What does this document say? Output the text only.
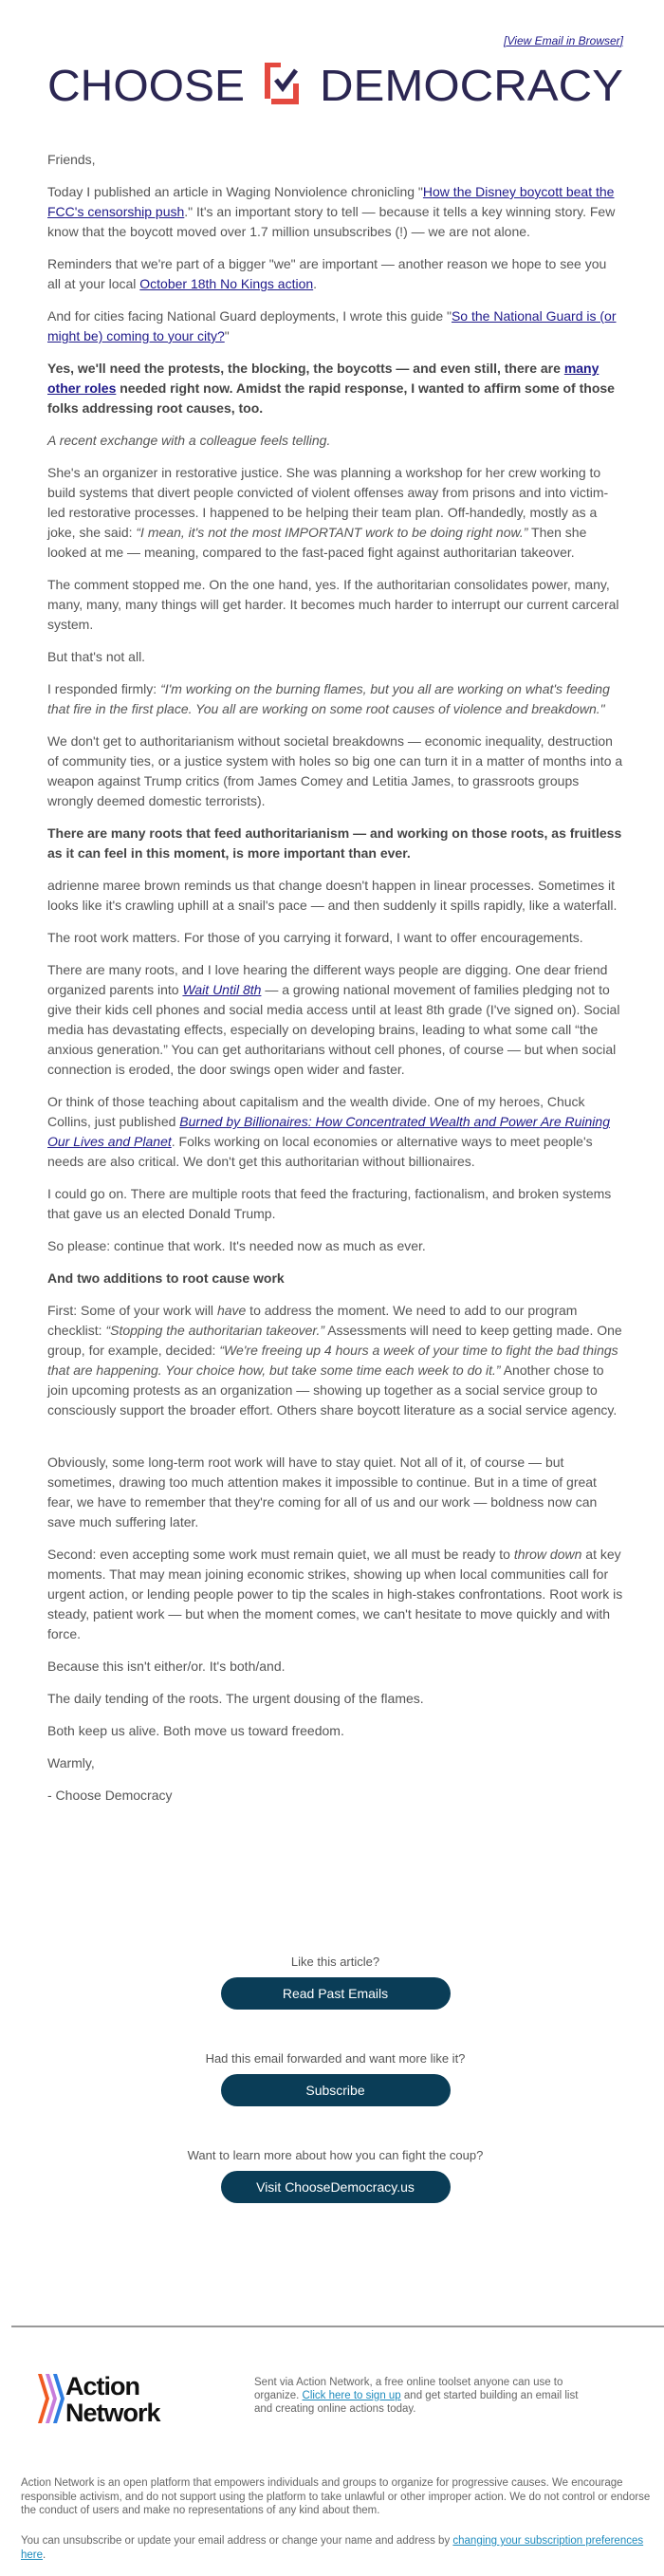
[View Email in Browser]
CHOOSE DEMOCRACY

Friends,

Today I published an article in Waging Nonviolence chronicling "How the Disney boycott beat the FCC's censorship push." It's an important story to tell — because it tells a key winning story. Few know that the boycott moved over 1.7 million unsubscribes (!) — we are not alone.

Reminders that we're part of a bigger "we" are important — another reason we hope to see you all at your local October 18th No Kings action.

And for cities facing National Guard deployments, I wrote this guide "So the National Guard is (or might be) coming to your city?"

Yes, we'll need the protests, the blocking, the boycotts — and even still, there are many other roles needed right now. Amidst the rapid response, I wanted to affirm some of those folks addressing root causes, too.

A recent exchange with a colleague feels telling.

She's an organizer in restorative justice. She was planning a workshop for her crew working to build systems that divert people convicted of violent offenses away from prisons and into victim-led restorative processes. I happened to be helping their team plan. Off-handedly, mostly as a joke, she said: “I mean, it's not the most IMPORTANT work to be doing right now.” Then she looked at me — meaning, compared to the fast-paced fight against authoritarian takeover.

The comment stopped me. On the one hand, yes. If the authoritarian consolidates power, many, many, many, many things will get harder. It becomes much harder to interrupt our current carceral system.

But that's not all.

I responded firmly: “I'm working on the burning flames, but you all are working on what's feeding that fire in the first place. You all are working on some root causes of violence and breakdown."

We don't get to authoritarianism without societal breakdowns — economic inequality, destruction of community ties, or a justice system with holes so big one can turn it in a matter of months into a weapon against Trump critics (from James Comey and Letitia James, to grassroots groups wrongly deemed domestic terrorists).

There are many roots that feed authoritarianism — and working on those roots, as fruitless as it can feel in this moment, is more important than ever.

adrienne maree brown reminds us that change doesn't happen in linear processes. Sometimes it looks like it's crawling uphill at a snail's pace — and then suddenly it spills rapidly, like a waterfall.

The root work matters. For those of you carrying it forward, I want to offer encouragements.

There are many roots, and I love hearing the different ways people are digging. One dear friend organized parents into Wait Until 8th — a growing national movement of families pledging not to give their kids cell phones and social media access until at least 8th grade (I've signed on). Social media has devastating effects, especially on developing brains, leading to what some call “the anxious generation.” You can get authoritarians without cell phones, of course — but when social connection is eroded, the door swings open wider and faster.

Or think of those teaching about capitalism and the wealth divide. One of my heroes, Chuck Collins, just published Burned by Billionaires: How Concentrated Wealth and Power Are Ruining Our Lives and Planet. Folks working on local economies or alternative ways to meet people's needs are also critical. We don't get this authoritarian without billionaires.

I could go on. There are multiple roots that feed the fracturing, factionalism, and broken systems that gave us an elected Donald Trump.

So please: continue that work. It's needed now as much as ever.

And two additions to root cause work

First: Some of your work will have to address the moment. We need to add to our program checklist: “Stopping the authoritarian takeover.” Assessments will need to keep getting made. One group, for example, decided: “We're freeing up 4 hours a week of your time to fight the bad things that are happening. Your choice how, but take some time each week to do it.” Another chose to join upcoming protests as an organization — showing up together as a social service group to consciously support the broader effort. Others share boycott literature as a social service agency.

Obviously, some long-term root work will have to stay quiet. Not all of it, of course — but sometimes, drawing too much attention makes it impossible to continue. But in a time of great fear, we have to remember that they're coming for all of us and our work — boldness now can save much suffering later.

Second: even accepting some work must remain quiet, we all must be ready to throw down at key moments. That may mean joining economic strikes, showing up when local communities call for urgent action, or lending people power to tip the scales in high-stakes confrontations. Root work is steady, patient work — but when the moment comes, we can't hesitate to move quickly and with force.

Because this isn't either/or. It's both/and.

The daily tending of the roots. The urgent dousing of the flames.

Both keep us alive. Both move us toward freedom.

Warmly,

- Choose Democracy

Like this article?
Read Past Emails
Had this email forwarded and want more like it?
Subscribe
Want to learn more about how you can fight the coup?
Visit ChooseDemocracy.us
Action
Network
Sent via Action Network, a free online toolset anyone can use to organize. Click here to sign up and get started building an email list and creating online actions today.
Action Network is an open platform that empowers individuals and groups to organize for progressive causes. We encourage responsible activism, and do not support using the platform to take unlawful or other improper action. We do not control or endorse the conduct of users and make no representations of any kind about them.
You can unsubscribe or update your email address or change your name and address by changing your subscription preferences here.
